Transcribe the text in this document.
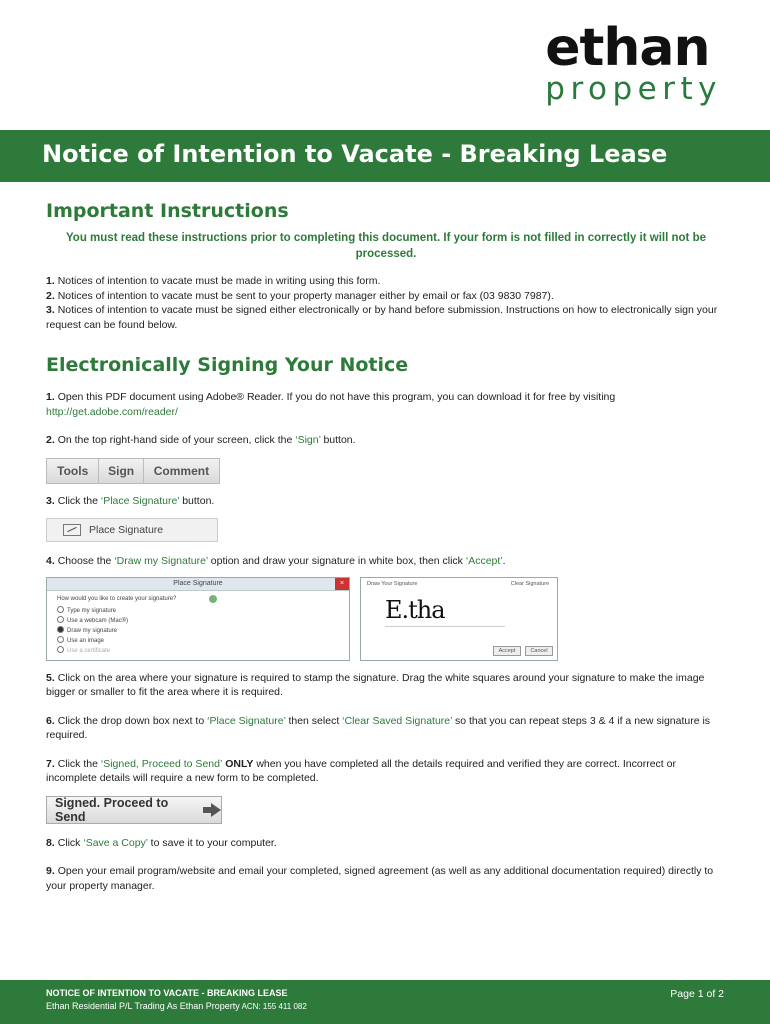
ethan
property
Notice of Intention to Vacate - Breaking Lease
Important Instructions
You must read these instructions prior to completing this document. If your form is not filled in correctly it will not be processed.
1. Notices of intention to vacate must be made in writing using this form.
2. Notices of intention to vacate must be sent to your property manager either by email or fax (03 9830 7987).
3. Notices of intention to vacate must be signed either electronically or by hand before submission. Instructions on how to electronically sign your request can be found below.
Electronically Signing Your Notice
1. Open this PDF document using Adobe® Reader. If you do not have this program, you can download it for free by visiting http://get.adobe.com/reader/
2. On the top right-hand side of your screen, click the ‘Sign’ button.
Tools	Sign	Comment
3. Click the ‘Place Signature’ button.
Place Signature
4. Choose the ‘Draw my Signature’ option and draw your signature in white box, then click ‘Accept’.
Place Signature	×
How would you like to create your signature?
Type my signature
Use a webcam (Mac®)
Draw my signature
Use an image
Use a certificate
Draw Your Signature	Clear Signature
E.tha
Accept	Cancel
5. Click on the area where your signature is required to stamp the signature. Drag the white squares around your signature to make the image bigger or smaller to fit the area where it is required.
6. Click the drop down box next to ‘Place Signature’ then select ‘Clear Saved Signature’ so that you can repeat steps 3 & 4 if a new signature is required.
7. Click the ‘Signed, Proceed to Send’ ONLY when you have completed all the details required and verified they are correct. Incorrect or incomplete details will require a new form to be completed.
Signed. Proceed to Send
8. Click ‘Save a Copy’ to save it to your computer.
9. Open your email program/website and email your completed, signed agreement (as well as any additional documentation required) directly to your property manager.
NOTICE OF INTENTION TO VACATE - BREAKING LEASE
Ethan Residential P/L Trading As Ethan Property ACN: 155 411 082
Page 1 of 2
